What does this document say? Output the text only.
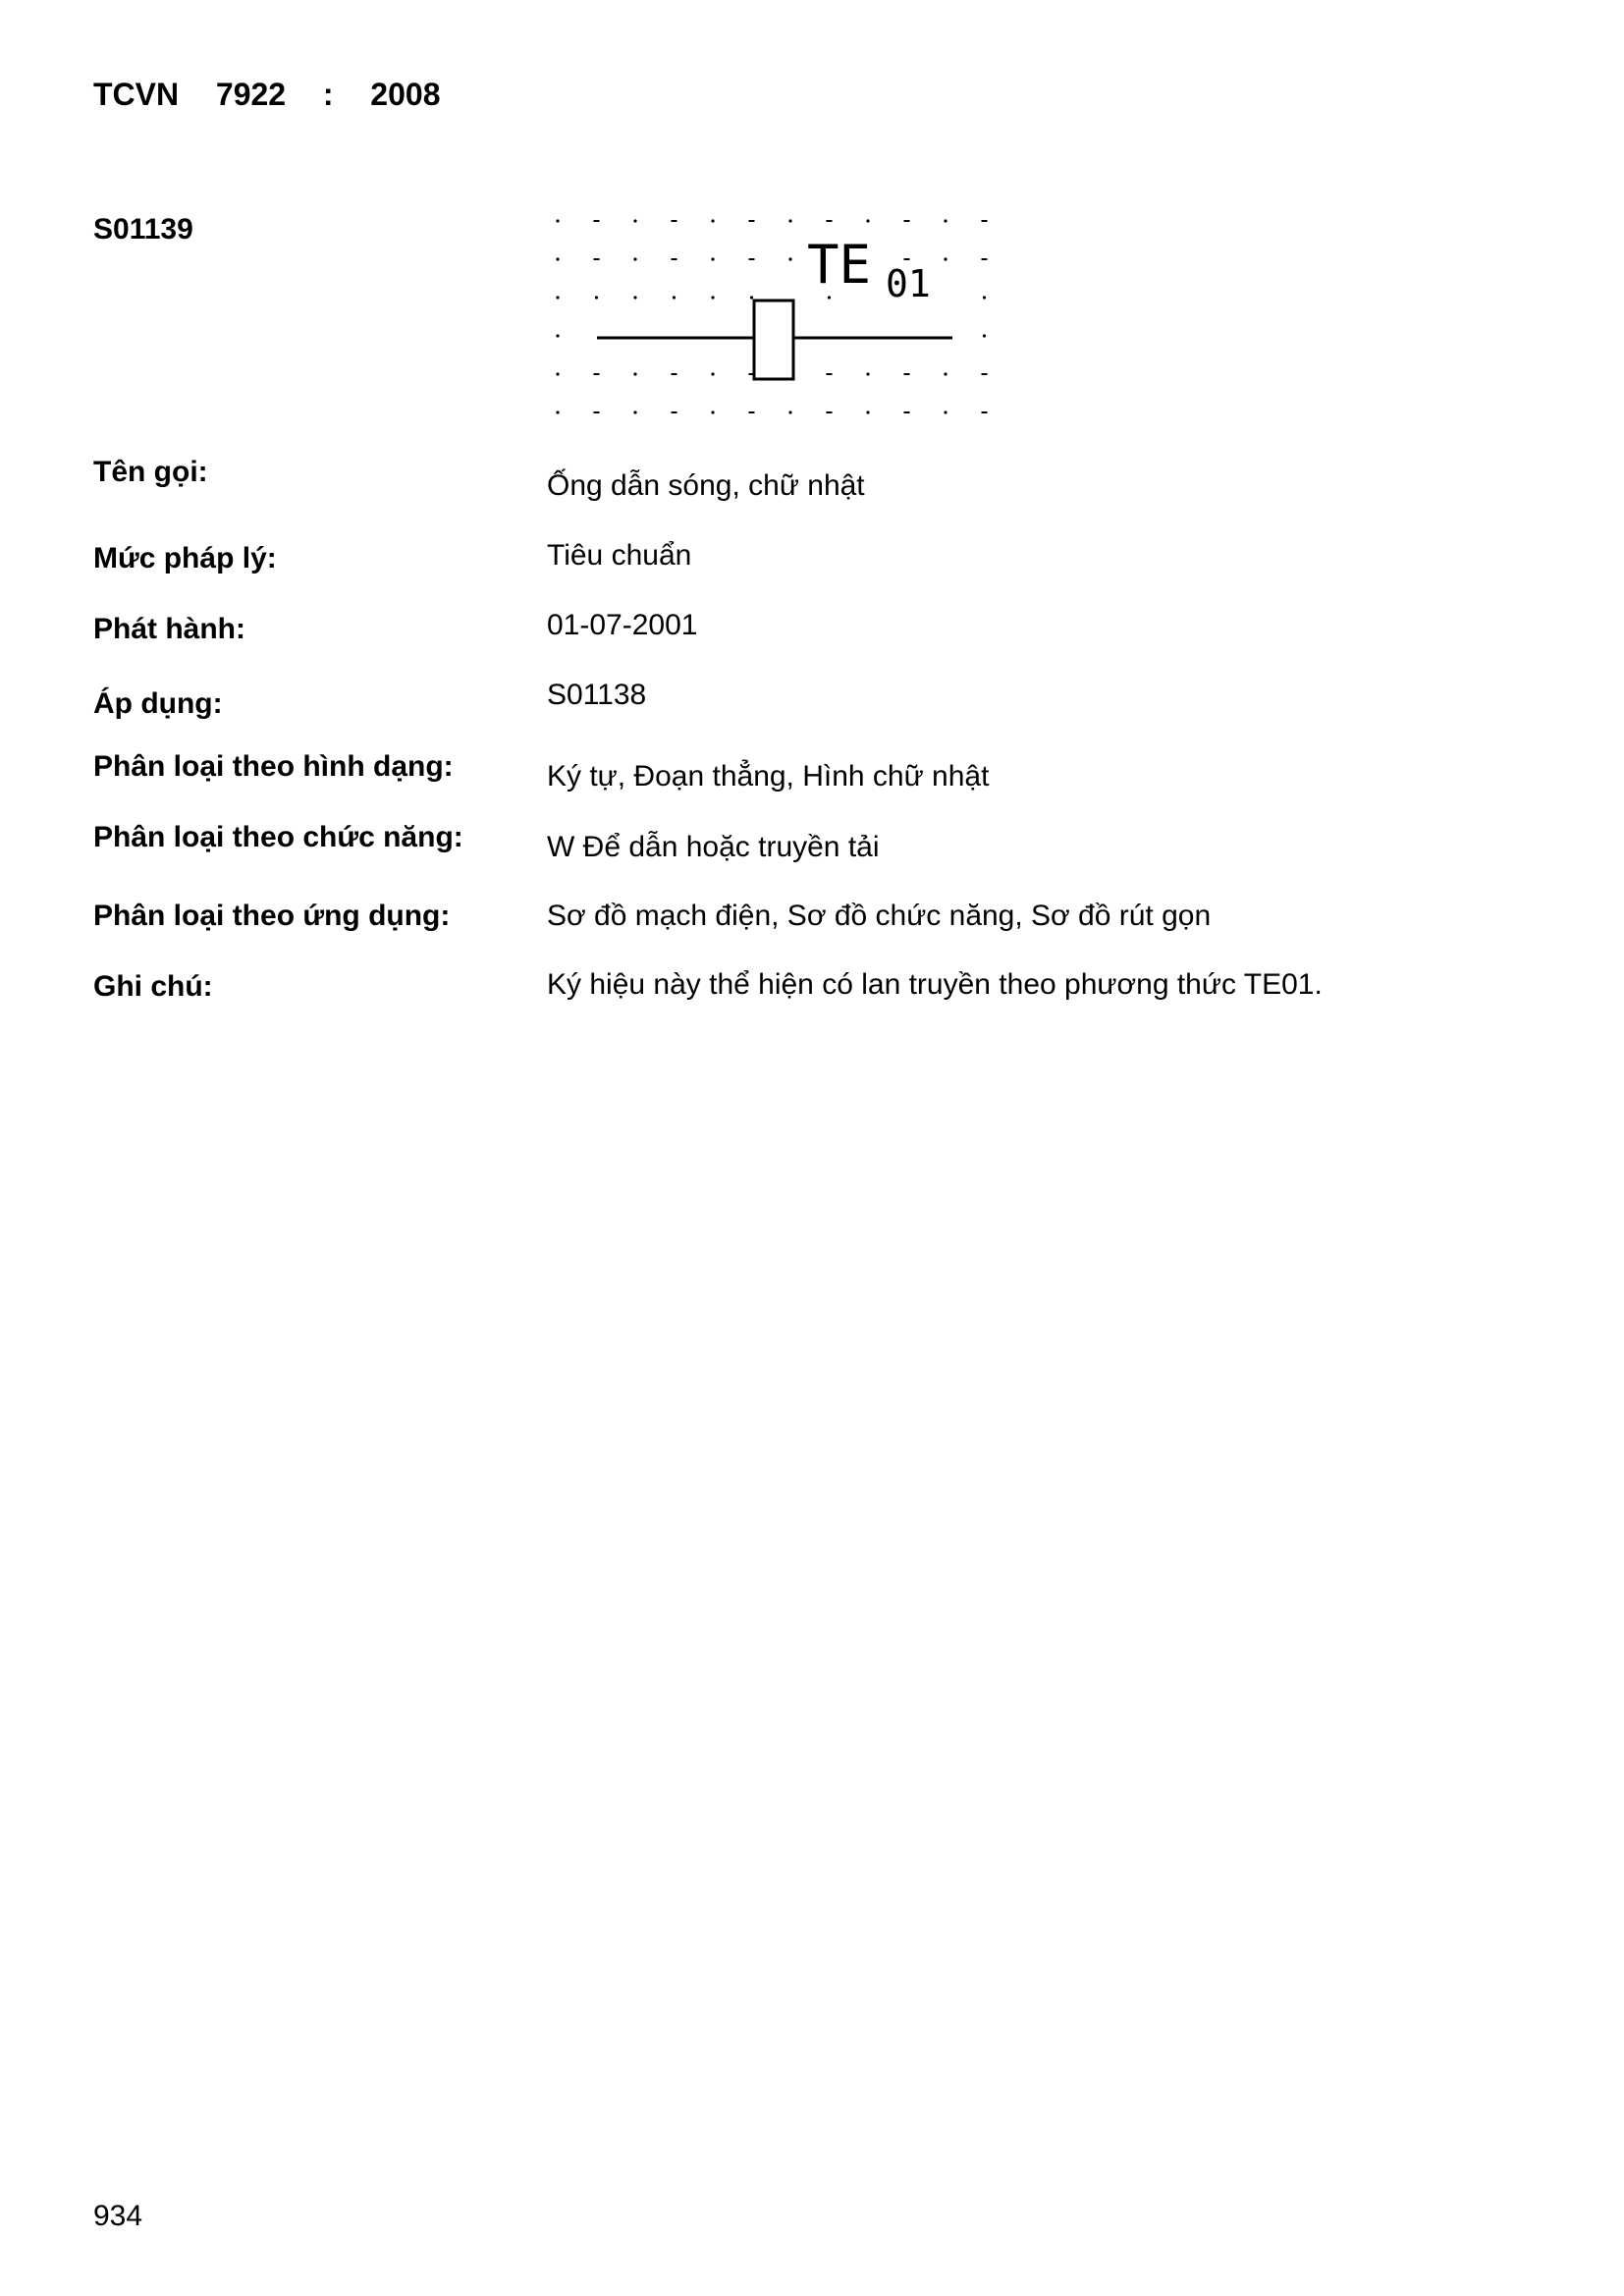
TCVN  7922  :  2008
S01139
TE 01
Tên gọi:	Ống dẫn sóng, chữ nhật
Mức pháp lý:	Tiêu chuẩn
Phát hành:	01-07-2001
Áp dụng:	S01138
Phân loại theo hình dạng:	Ký tự, Đoạn thẳng, Hình chữ nhật
Phân loại theo chức năng:	W Để dẫn hoặc truyền tải
Phân loại theo ứng dụng:	Sơ đồ mạch điện, Sơ đồ chức năng, Sơ đồ rút gọn
Ghi chú:	Ký hiệu này thể hiện có lan truyền theo phương thức TE01.
934
